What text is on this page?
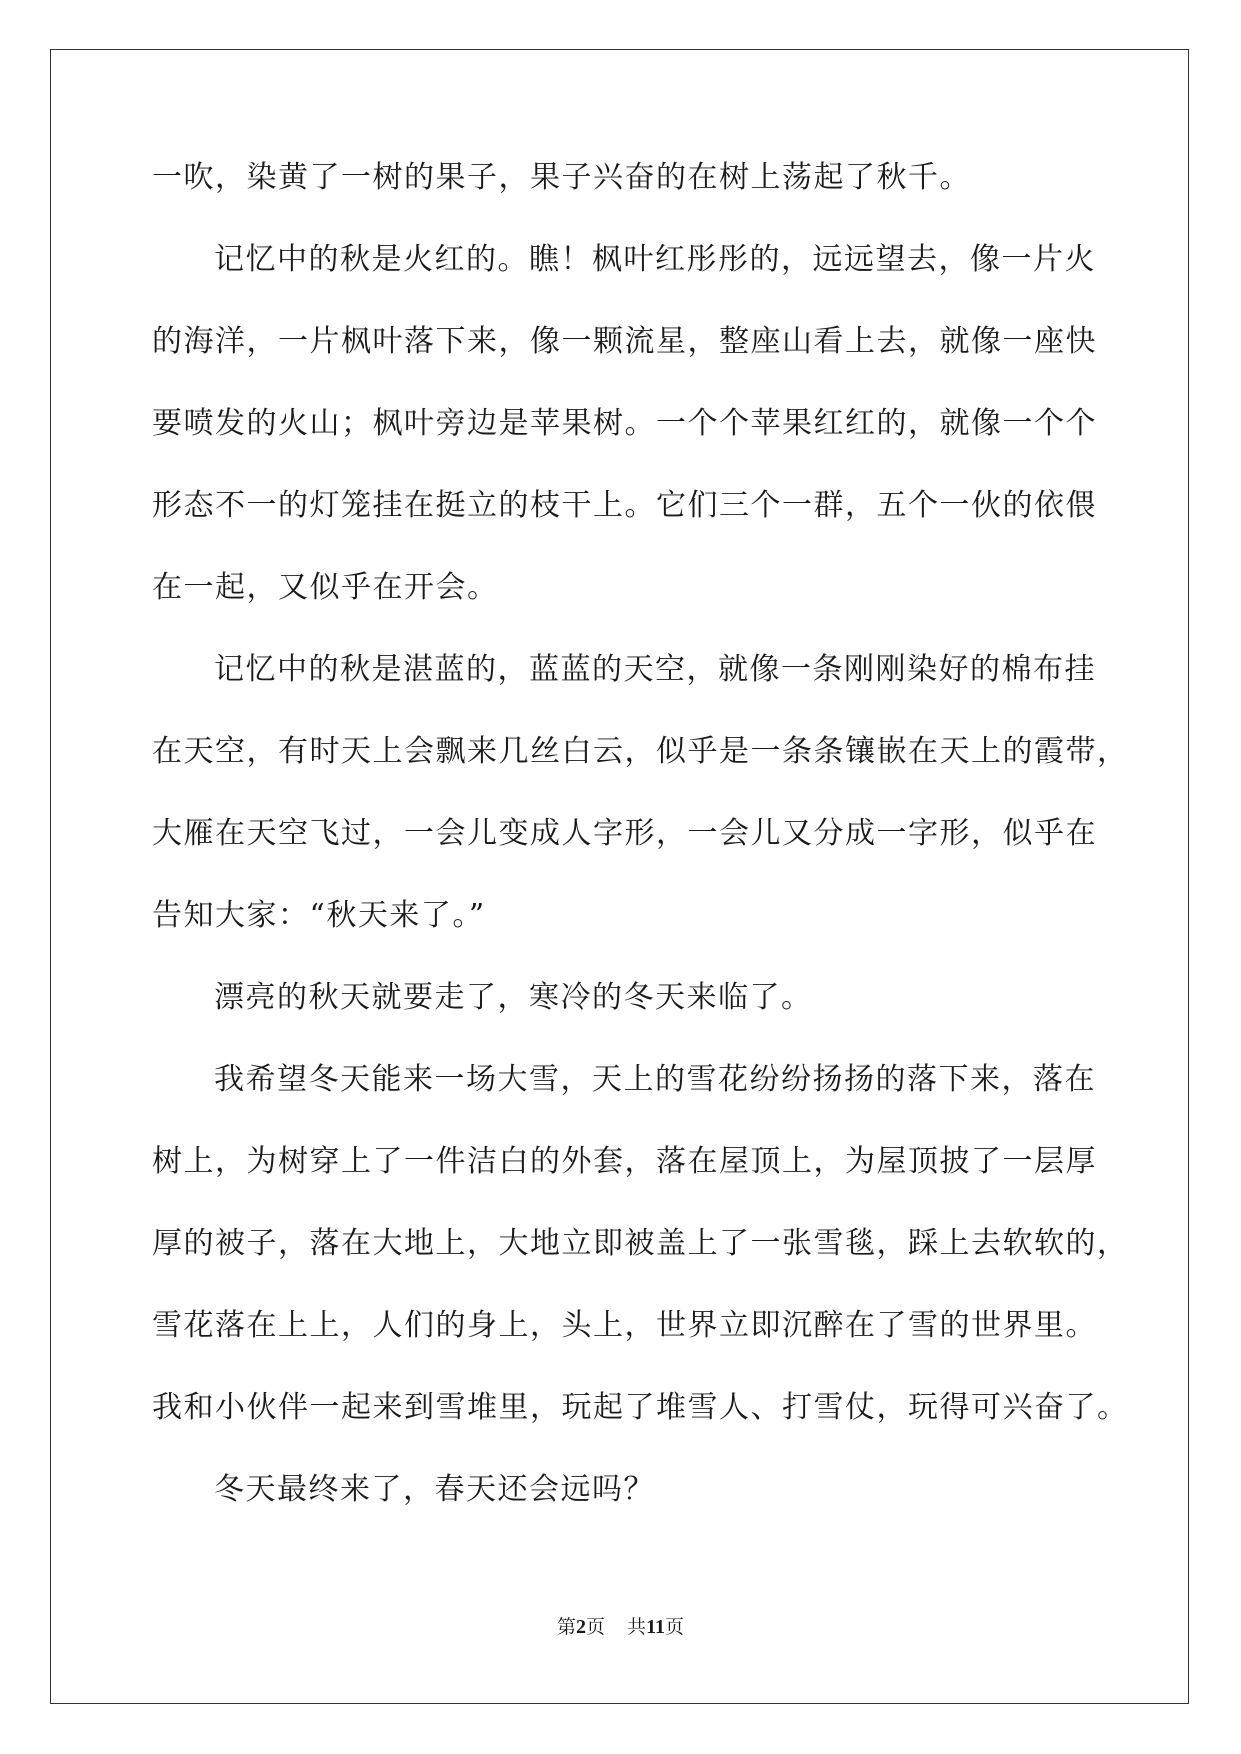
一吹，染黄了一树的果子，果子兴奋的在树上荡起了秋千。
记忆中的秋是火红的。瞧！枫叶红彤彤的，远远望去，像一片火
的海洋，一片枫叶落下来，像一颗流星，整座山看上去，就像一座快
要喷发的火山；枫叶旁边是苹果树。一个个苹果红红的，就像一个个
形态不一的灯笼挂在挺立的枝干上。它们三个一群，五个一伙的依偎
在一起，又似乎在开会。
记忆中的秋是湛蓝的，蓝蓝的天空，就像一条刚刚染好的棉布挂
在天空，有时天上会飘来几丝白云，似乎是一条条镶嵌在天上的霞带，
大雁在天空飞过，一会儿变成人字形，一会儿又分成一字形，似乎在
告知大家：“秋天来了。”
漂亮的秋天就要走了，寒冷的冬天来临了。
我希望冬天能来一场大雪，天上的雪花纷纷扬扬的落下来，落在
树上，为树穿上了一件洁白的外套，落在屋顶上，为屋顶披了一层厚
厚的被子，落在大地上，大地立即被盖上了一张雪毯，踩上去软软的，
雪花落在上上，人们的身上，头上，世界立即沉醉在了雪的世界里。
我和小伙伴一起来到雪堆里，玩起了堆雪人、打雪仗，玩得可兴奋了。
冬天最终来了，春天还会远吗？
第2页 共11页
